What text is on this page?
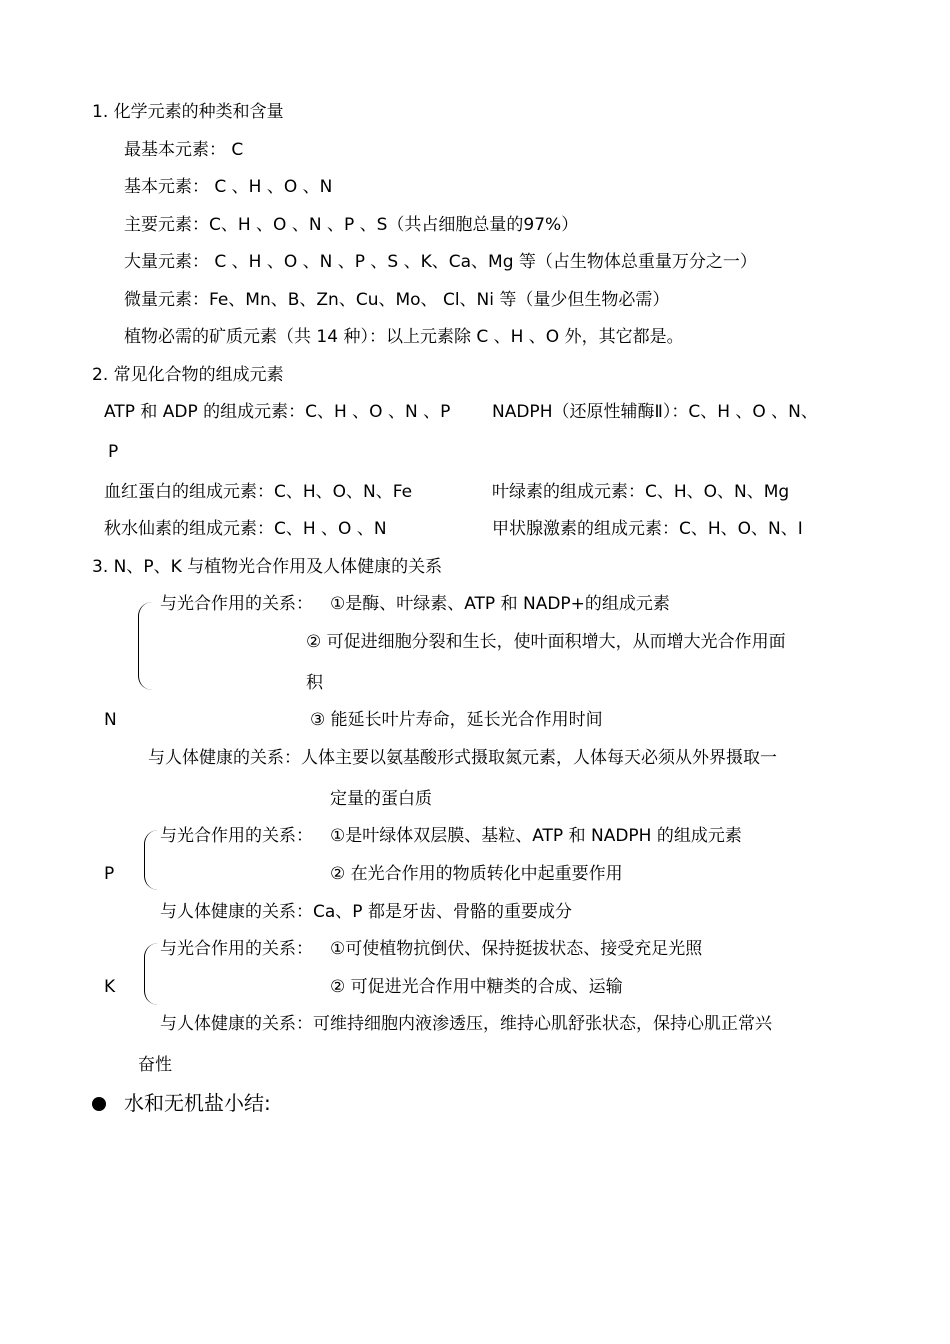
1. 化学元素的种类和含量
最基本元素： C
基本元素： C 、H 、O 、N
主要元素：C、H 、O 、N 、P 、S（共占细胞总量的97%）
大量元素： C 、H 、O 、N 、P 、S 、K、Ca、Mg 等（占生物体总重量万分之一）
微量元素：Fe、Mn、B、Zn、Cu、Mo、 Cl、Ni 等（量少但生物必需）
植物必需的矿质元素（共 14 种）：以上元素除 C 、H 、O 外，其它都是。
2. 常见化合物的组成元素
ATP 和 ADP 的组成元素：C、H 、O 、N 、P NADPH（还原性辅酶Ⅱ）：C、H 、O 、N、
P
血红蛋白的组成元素：C、H、O、N、Fe	叶绿素的组成元素：C、H、O、N、Mg
秋水仙素的组成元素：C、H 、O 、N	甲状腺激素的组成元素：C、H、O、N、I
3. N、P、K 与植物光合作用及人体健康的关系
与光合作用的关系： ①是酶、叶绿素、ATP 和 NADP+的组成元素
② 可促进细胞分裂和生长，使叶面积增大，从而增大光合作用面
积
N	③ 能延长叶片寿命，延长光合作用时间
与人体健康的关系：人体主要以氨基酸形式摄取氮元素，人体每天必须从外界摄取一
定量的蛋白质
与光合作用的关系： ①是叶绿体双层膜、基粒、ATP 和 NADPH 的组成元素
P	② 在光合作用的物质转化中起重要作用
与人体健康的关系：Ca、P 都是牙齿、骨骼的重要成分
与光合作用的关系： ①可使植物抗倒伏、保持挺拔状态、接受充足光照
K	② 可促进光合作用中糖类的合成、运输
与人体健康的关系：可维持细胞内液渗透压，维持心肌舒张状态，保持心肌正常兴
奋性
水和无机盐小结:
